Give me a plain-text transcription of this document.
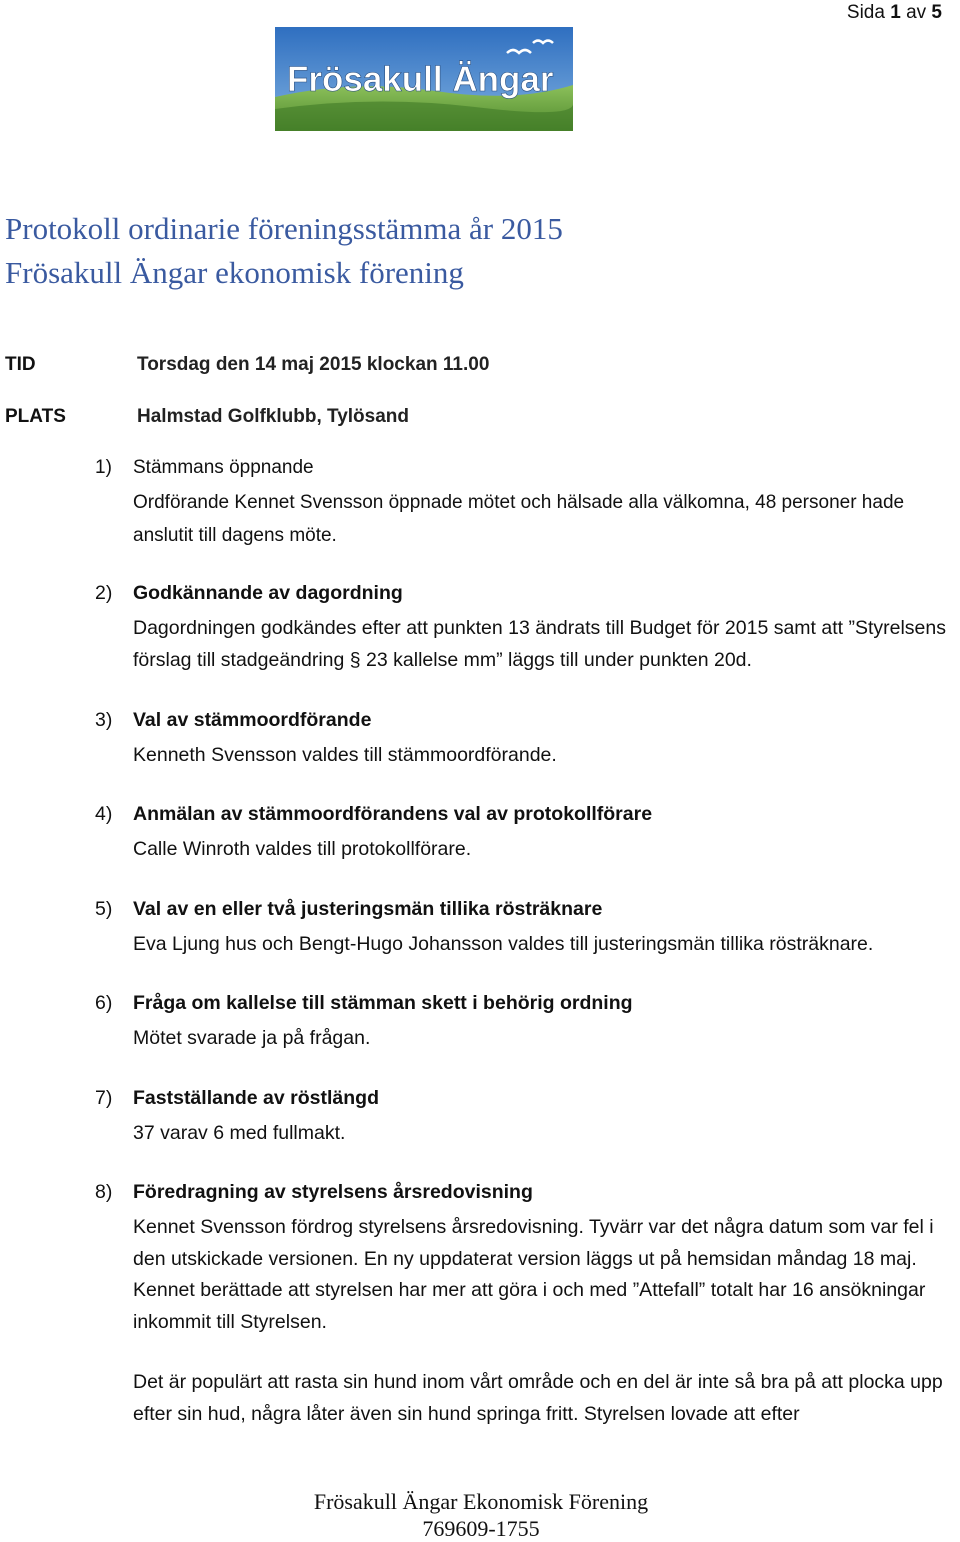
Sida 1 av 5
Frösakull Ängar
Protokoll ordinarie föreningsstämma år 2015
Frösakull Ängar ekonomisk förening
TID	Torsdag den 14 maj 2015 klockan 11.00
PLATS	Halmstad Golfklubb, Tylösand
1) Stämmans öppnande
Ordförande Kennet Svensson öppnade mötet och hälsade alla välkomna, 48 personer hade anslutit till dagens möte.
2) Godkännande av dagordning
Dagordningen godkändes efter att punkten 13 ändrats till Budget för 2015 samt att ”Styrelsens förslag till stadgeändring § 23 kallelse mm” läggs till under punkten 20d.
3) Val av stämmoordförande
Kenneth Svensson valdes till stämmoordförande.
4) Anmälan av stämmoordförandens val av protokollförare
Calle Winroth valdes till protokollförare.
5) Val av en eller två justeringsmän tillika rösträknare
Eva Ljung hus och Bengt-Hugo Johansson valdes till justeringsmän tillika rösträknare.
6) Fråga om kallelse till stämman skett i behörig ordning
Mötet svarade ja på frågan.
7) Fastställande av röstlängd
37 varav 6 med fullmakt.
8) Föredragning av styrelsens årsredovisning
Kennet Svensson fördrog styrelsens årsredovisning. Tyvärr var det några datum som var fel i den utskickade versionen. En ny uppdaterat version läggs ut på hemsidan måndag 18 maj. Kennet berättade att styrelsen har mer att göra i och med ”Attefall” totalt har 16 ansökningar inkommit till Styrelsen.
Det är populärt att rasta sin hund inom vårt område och en del är inte så bra på att plocka upp efter sin hud, några låter även sin hund springa fritt. Styrelsen lovade att efter
Frösakull Ängar Ekonomisk Förening
769609-1755
